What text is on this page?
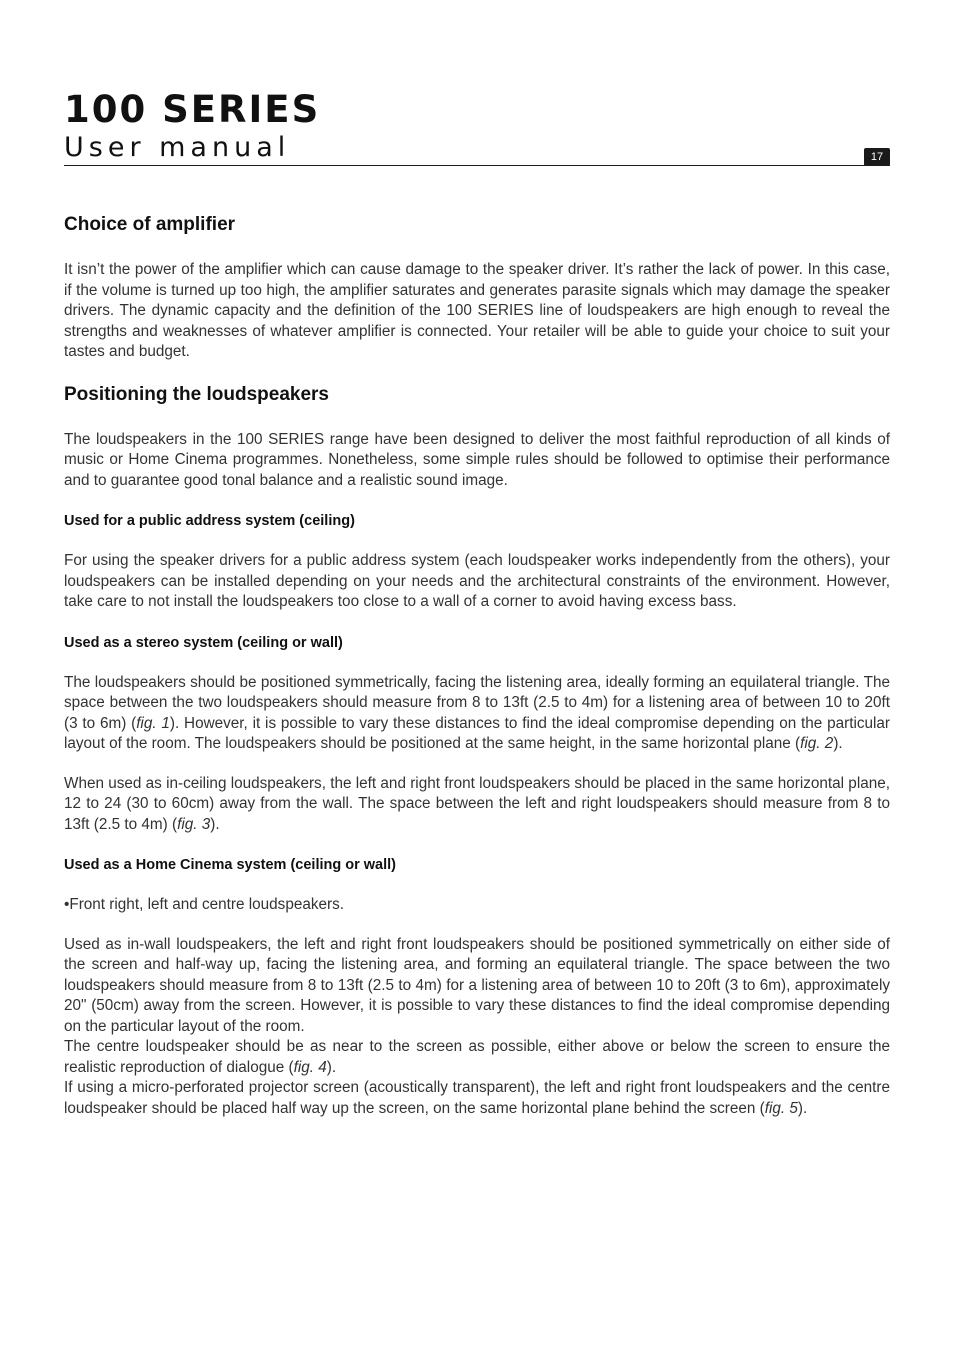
100 SERIES
User manual	17
Choice of amplifier

It isn’t the power of the amplifier which can cause damage to the speaker driver. It’s rather the lack of power. In this case, if the volume is turned up too high, the amplifier saturates and generates parasite signals which may damage the speaker drivers. The dynamic capacity and the definition of the 100 SERIES line of loudspeakers are high enough to reveal the strengths and weaknesses of whatever amplifier is connected. Your retailer will be able to guide your choice to suit your tastes and budget.

Positioning the loudspeakers

The loudspeakers in the 100 SERIES range have been designed to deliver the most faithful reproduction of all kinds of music or Home Cinema programmes. Nonetheless, some simple rules should be followed to optimise their performance and to guarantee good tonal balance and a realistic sound image.

Used for a public address system (ceiling)

For using the speaker drivers for a public address system (each loudspeaker works independently from the others), your loudspeakers can be installed depending on your needs and the architectural constraints of the environment. However, take care to not install the loudspeakers too close to a wall of a corner to avoid having excess bass.

Used as a stereo system (ceiling or wall)

The loudspeakers should be positioned symmetrically, facing the listening area, ideally forming an equilateral triangle. The space between the two loudspeakers should measure from 8 to 13ft (2.5 to 4m) for a listening area of between 10 to 20ft (3 to 6m) (fig. 1). However, it is possible to vary these distances to find the ideal compromise depending on the particular layout of the room. The loudspeakers should be positioned at the same height, in the same horizontal plane (fig. 2).

When used as in-ceiling loudspeakers, the left and right front loudspeakers should be placed in the same horizontal plane, 12 to 24 (30 to 60cm) away from the wall. The space between the left and right loudspeakers should measure from 8 to 13ft (2.5 to 4m) (fig. 3).

Used as a Home Cinema system (ceiling or wall)

•Front right, left and centre loudspeakers.

Used as in-wall loudspeakers, the left and right front loudspeakers should be positioned symmetrically on either side of the screen and half-way up, facing the listening area, and forming an equilateral triangle. The space between the two loudspeakers should measure from 8 to 13ft (2.5 to 4m) for a listening area of between 10 to 20ft (3 to 6m), approximately 20" (50cm) away from the screen. However, it is possible to vary these distances to find the ideal compromise depending on the particular layout of the room.

The centre loudspeaker should be as near to the screen as possible, either above or below the screen to ensure the realistic reproduction of dialogue (fig. 4).

If using a micro-perforated projector screen (acoustically transparent), the left and right front loudspeakers and the centre loudspeaker should be placed half way up the screen, on the same horizontal plane behind the screen (fig. 5).
